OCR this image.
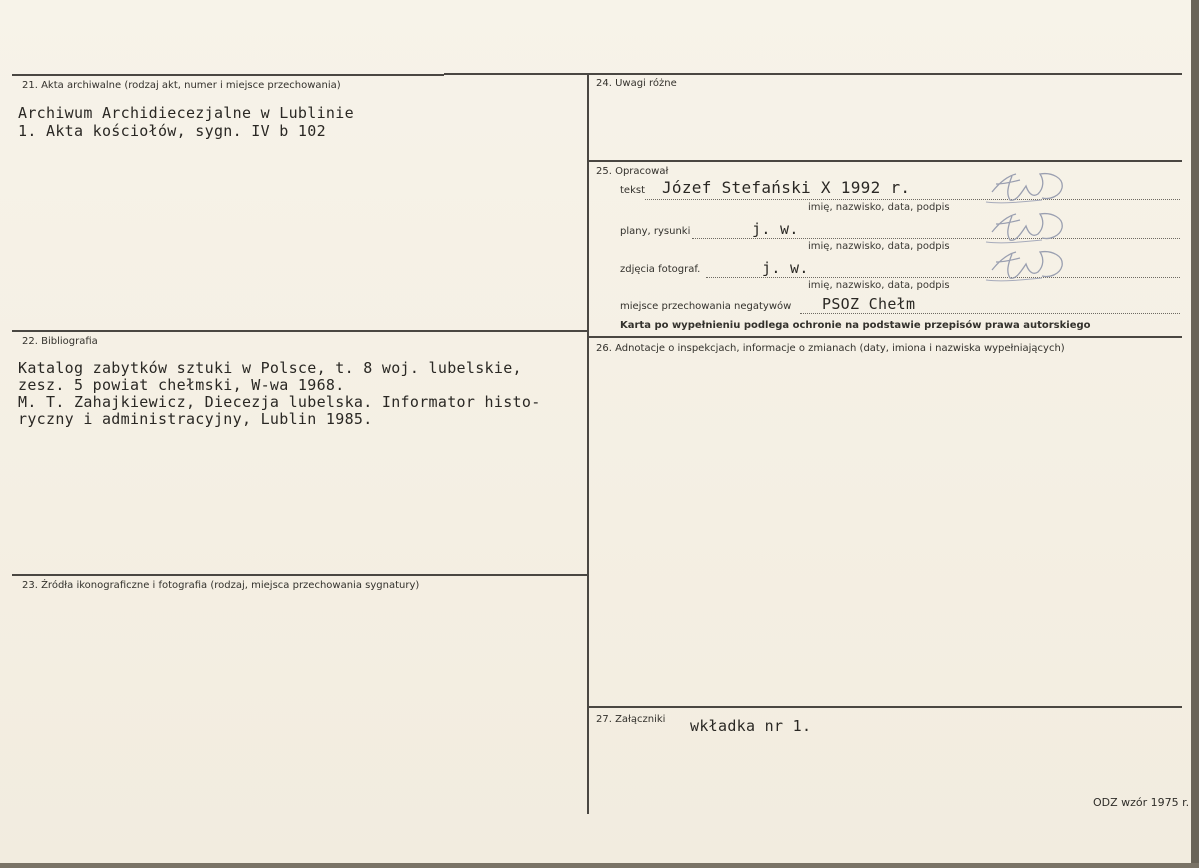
21. Akta archiwalne (rodzaj akt, numer i miejsce przechowania)
Archiwum Archidiecezjalne w Lublinie
1. Akta kościołów, sygn. IV b 102
22. Bibliografia
Katalog zabytków sztuki w Polsce, t. 8 woj. lubelskie,
zesz. 5 powiat chełmski, W-wa 1968.
M. T. Zahajkiewicz, Diecezja lubelska. Informator histo-
ryczny i administracyjny, Lublin 1985.
23. Źródła ikonograficzne i fotografia (rodzaj, miejsca przechowania sygnatury)
24. Uwagi różne
25. Opracował
tekst Józef Stefański X 1992 r.
imię, nazwisko, data, podpis
plany, rysunki	j. w.
imię, nazwisko, data, podpis
zdjęcia fotograf.	j. w.
imię, nazwisko, data, podpis
miejsce przechowania negatywów PSOZ Chełm
Karta po wypełnieniu podlega ochronie na podstawie przepisów prawa autorskiego
26. Adnotacje o inspekcjach, informacje o zmianach (daty, imiona i nazwiska wypełniających)
27. Załączniki wkładka nr 1.
ODZ wzór 1975 r.
